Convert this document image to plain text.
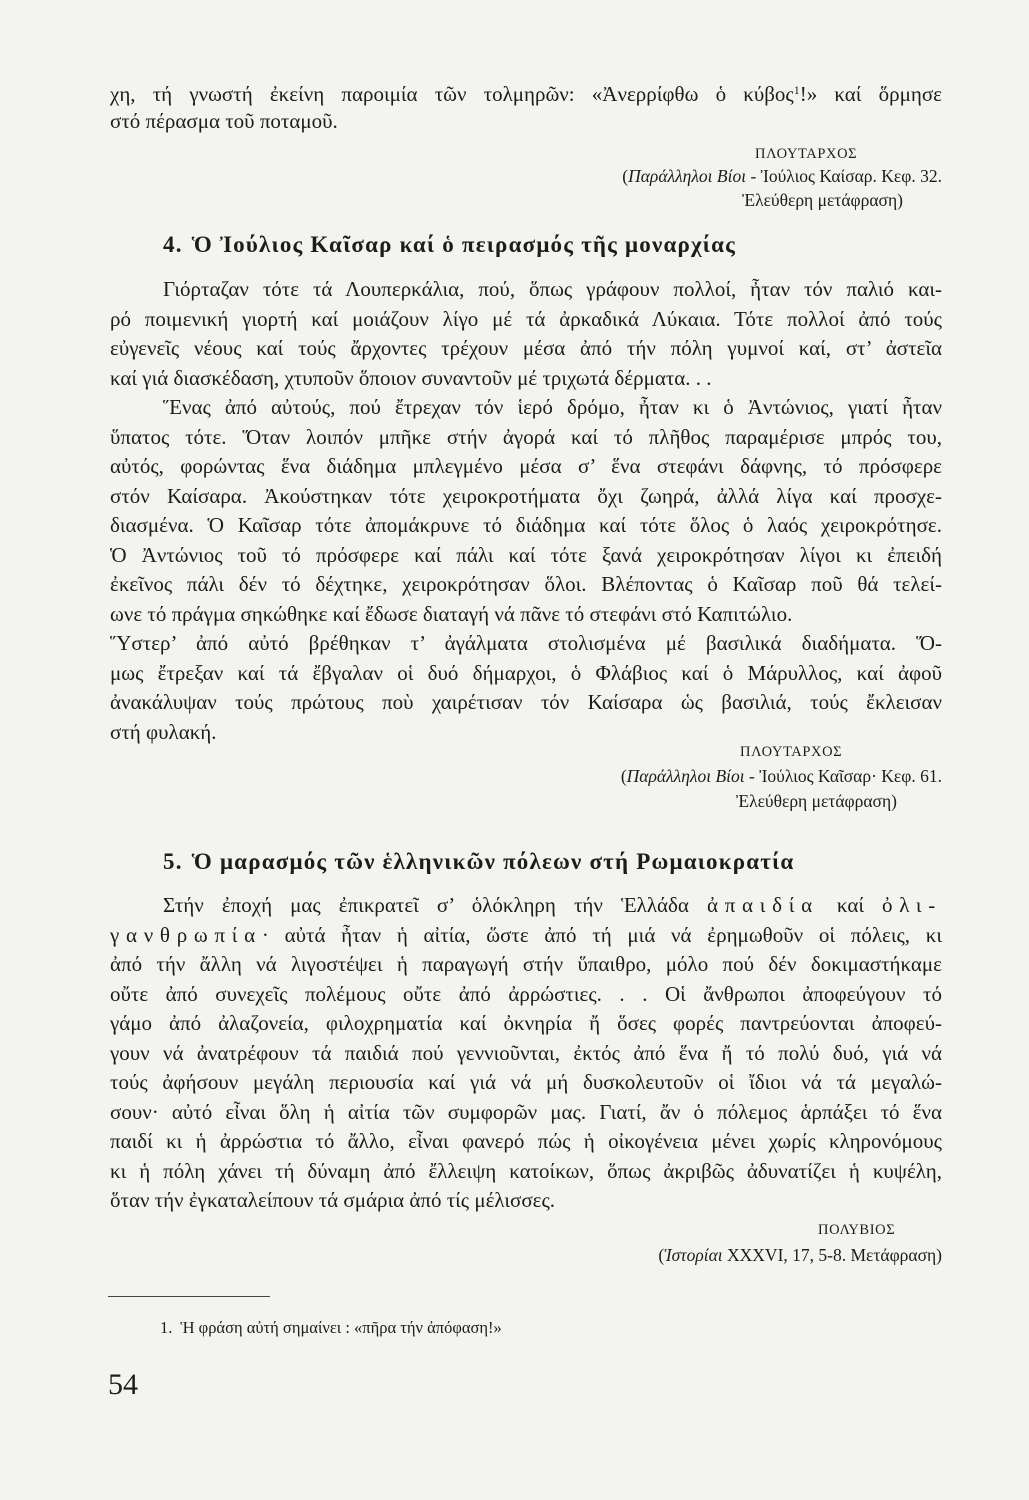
χη, τή γνωστή ἐκείνη παροιμία τῶν τολμηρῶν: «Ἀνερρίφθω ὁ κύβος$^1$!» καί ὅρμησε
στό πέρασμα τοῦ ποταμοῦ.
ΠΛΟΥΤΑΡΧΟΣ
(Παράλληλοι Βίοι - Ἰούλιος Καίσαρ. Κεφ. 32.
Ἐλεύθερη μετάφραση)
4. Ὁ Ἰούλιος Καῖσαρ καί ὁ πειρασμός τῆς μοναρχίας
Γιόρταζαν τότε τά Λουπερκάλια, πού, ὅπως γράφουν πολλοί, ἦταν τόν παλιό και-
ρό ποιμενική γιορτή καί μοιάζουν λίγο μέ τά ἀρκαδικά Λύκαια. Τότε πολλοί ἀπό τούς
εὐγενεῖς νέους καί τούς ἄρχοντες τρέχουν μέσα ἀπό τήν πόλη γυμνοί καί, στ’ ἀστεῖα
καί γιά διασκέδαση, χτυποῦν ὅποιον συναντοῦν μέ τριχωτά δέρματα. . .
Ἕνας ἀπό αὐτούς, πού ἔτρεχαν τόν ἱερό δρόμο, ἦταν κι ὁ Ἀντώνιος, γιατί ἦταν
ὕπατος τότε. Ὅταν λοιπόν μπῆκε στήν ἀγορά καί τό πλῆθος παραμέρισε μπρός του,
αὐτός, φορώντας ἕνα διάδημα μπλεγμένο μέσα σ’ ἕνα στεφάνι δάφνης, τό πρόσφερε
στόν Καίσαρα. Ἀκούστηκαν τότε χειροκροτήματα ὄχι ζωηρά, ἀλλά λίγα καί προσχε-
διασμένα. Ὁ Καῖσαρ τότε ἀπομάκρυνε τό διάδημα καί τότε ὅλος ὁ λαός χειροκρότησε.
Ὁ Ἀντώνιος τοῦ τό πρόσφερε καί πάλι καί τότε ξανά χειροκρότησαν λίγοι κι ἐπειδή
ἐκεῖνος πάλι δέν τό δέχτηκε, χειροκρότησαν ὅλοι. Βλέποντας ὁ Καῖσαρ ποῦ θά τελεί-
ωνε τό πράγμα σηκώθηκε καί ἔδωσε διαταγή νά πᾶνε τό στεφάνι στό Καπιτώλιο.
Ὕστερ’ ἀπό αὐτό βρέθηκαν τ’ ἀγάλματα στολισμένα μέ βασιλικά διαδήματα. Ὅ-
μως ἔτρεξαν καί τά ἔβγαλαν οἱ δυό δήμαρχοι, ὁ Φλάβιος καί ὁ Μάρυλλος, καί ἀφοῦ
ἀνακάλυψαν τούς πρώτους ποὺ χαιρέτισαν τόν Καίσαρα ὡς βασιλιά, τούς ἔκλεισαν
στή φυλακή.
ΠΛΟΥΤΑΡΧΟΣ
(Παράλληλοι Βίοι - Ἰούλιος Καῖσαρ· Κεφ. 61.
Ἐλεύθερη μετάφραση)
5. Ὁ μαρασμός τῶν ἑλληνικῶν πόλεων στή Ρωμαιοκρατία
Στήν ἐποχή μας ἐπικρατεῖ σ’ ὁλόκληρη τήν Ἑλλάδα ἀπαιδία καί ὀλι-
γανθρωπία· αὐτά ἦταν ἡ αἰτία, ὥστε ἀπό τή μιά νά ἐρημωθοῦν οἱ πόλεις, κι
ἀπό τήν ἄλλη νά λιγοστέψει ἡ παραγωγή στήν ὕπαιθρο, μόλο πού δέν δοκιμαστήκαμε
οὔτε ἀπό συνεχεῖς πολέμους οὔτε ἀπό ἀρρώστιες. . . Οἱ ἄνθρωποι ἀποφεύγουν τό
γάμο ἀπό ἀλαζονεία, φιλοχρηματία καί ὀκνηρία ἤ ὅσες φορές παντρεύονται ἀποφεύ-
γουν νά ἀνατρέφουν τά παιδιά πού γεννιοῦνται, ἐκτός ἀπό ἕνα ἤ τό πολύ δυό, γιά νά
τούς ἀφήσουν μεγάλη περιουσία καί γιά νά μή δυσκολευτοῦν οἱ ἴδιοι νά τά μεγαλώ-
σουν· αὐτό εἶναι ὅλη ἡ αἰτία τῶν συμφορῶν μας. Γιατί, ἄν ὁ πόλεμος ἁρπάξει τό ἕνα
παιδί κι ἡ ἀρρώστια τό ἄλλο, εἶναι φανερό πώς ἡ οἰκογένεια μένει χωρίς κληρονόμους
κι ἡ πόλη χάνει τή δύναμη ἀπό ἔλλειψη κατοίκων, ὅπως ἀκριβῶς ἀδυνατίζει ἡ κυψέλη,
ὅταν τήν ἐγκαταλείπουν τά σμάρια ἀπό τίς μέλισσες.
ΠΟΛΥΒΙΟΣ
(Ἱστορίαι XXXVI, 17, 5-8. Μετάφραση)
1. Ἡ φράση αὐτή σημαίνει : «πῆρα τήν ἀπόφαση!»
54
